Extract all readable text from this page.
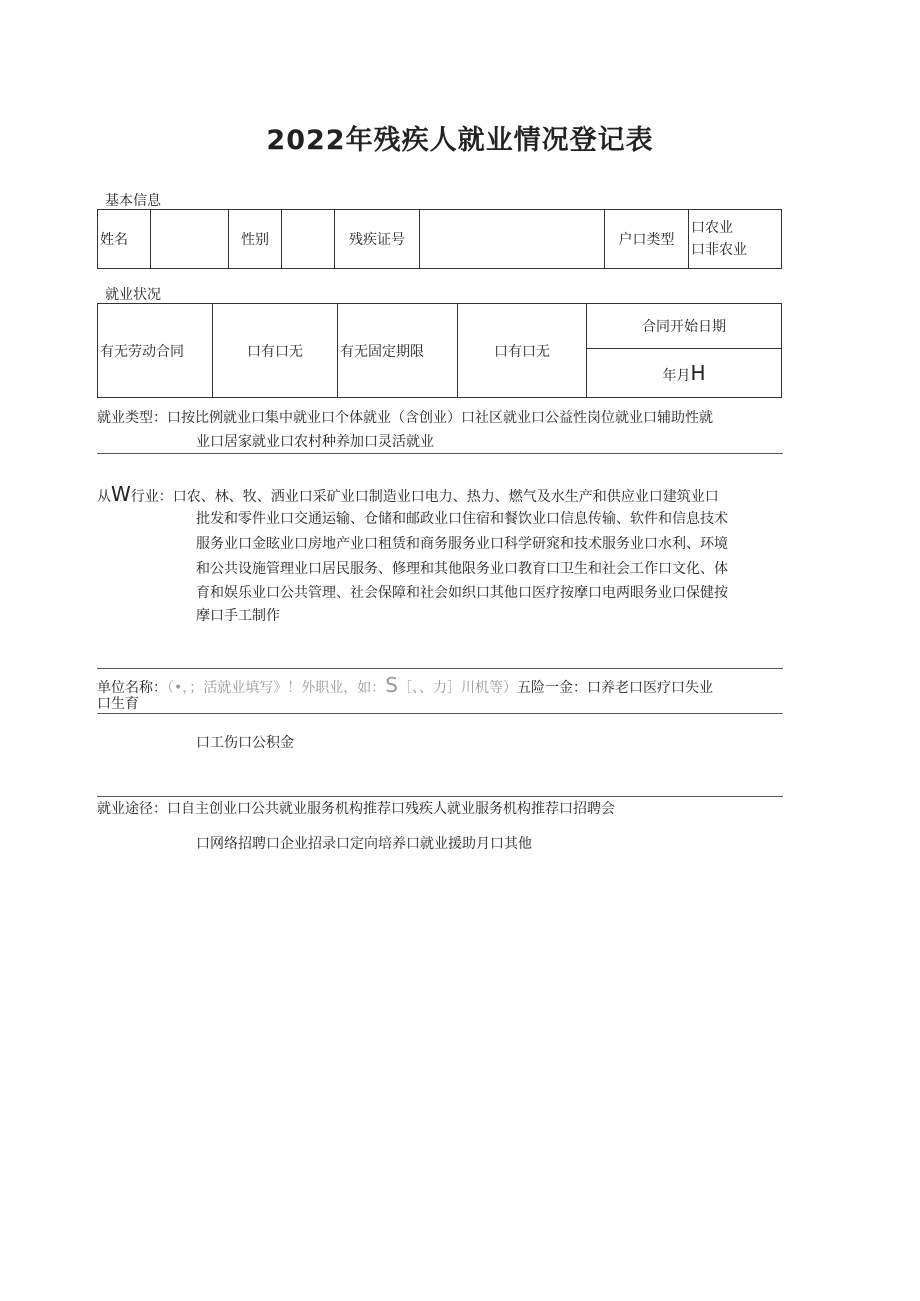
2022年残疾人就业情况登记表
基本信息
姓名		性别		残疾证号		户口类型	
口农业
口非农业
就业状况
有无劳动合同	口有口无	有无固定期限	口有口无	合同开始日期
年月H
就业类型：口按比例就业口集中就业口个体就业（含创业）口社区就业口公益性岗位就业口辅助性就
业口居家就业口农村种养加口灵活就业
从W行业：口农、林、牧、洒业口采矿业口制造业口电力、热力、燃气及水生产和供应业口建筑业口
批发和零件业口交通运输、仓储和邮政业口住宿和餐饮业口信息传输、软件和信息技术
服务业口金眩业口房地产业口租赁和商务服务业口科学研窕和技术服务业口水利、环境
和公共设施管理业口居民服务、修理和其他限务业口教育口卫生和社会工作口文化、体
育和娱乐业口公共管理、社会保障和社会如织口其他口医疗按摩口电两眼务业口保健按
摩口手工制作
单位名称：（•，；活就业填写》！外职业，如：S［、、力］川机等）五险一金：口养老口医疗口失业
口生育
口工伤口公积金
就业途径：口自主创业口公共就业服务机构推荐口残疾人就业服务机构推荐口招聘会
口网络招聘口企业招录口定向培养口就业援助月口其他
